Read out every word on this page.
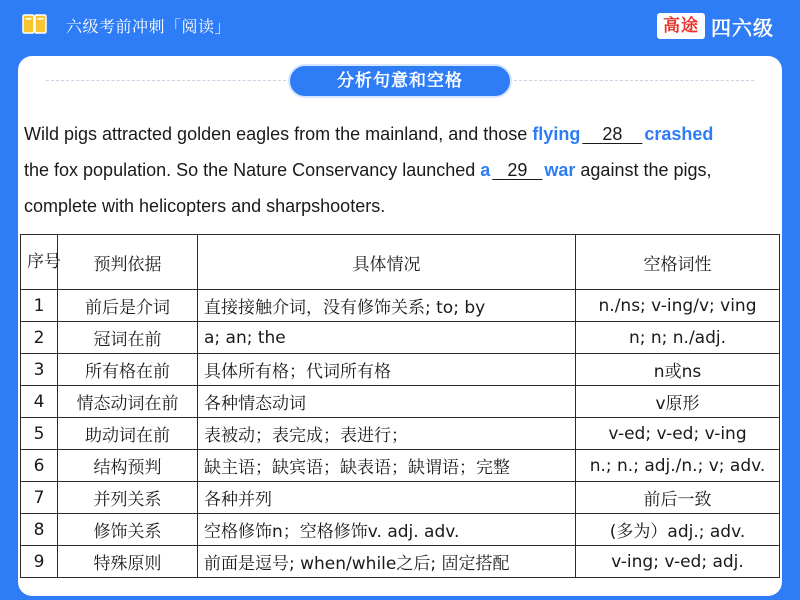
六级考前冲刺「阅读」	高途 四六级
分析句意和空格
Wild pigs attracted golden eagles from the mainland, and those flying 28 crashed
the fox population. So the Nature Conservancy launched a 29 war against the pigs,
complete with helicopters and sharpshooters.
序号	预判依据	具体情况	空格词性
1	前后是介词	直接接触介词，没有修饰关系; to; by	n./ns; v-ing/v; ving
2	冠词在前	a; an; the	n; n; n./adj.
3	所有格在前	具体所有格；代词所有格	n或ns
4	情态动词在前	各种情态动词	v原形
5	助动词在前	表被动；表完成；表进行；	v-ed; v-ed; v-ing
6	结构预判	缺主语；缺宾语；缺表语；缺谓语；完整	n.; n.; adj./n.; v; adv.
7	并列关系	各种并列	前后一致
8	修饰关系	空格修饰n；空格修饰v. adj. adv.	(多为）adj.; adv.
9	特殊原则	前面是逗号; when/while之后; 固定搭配	v-ing; v-ed; adj.
